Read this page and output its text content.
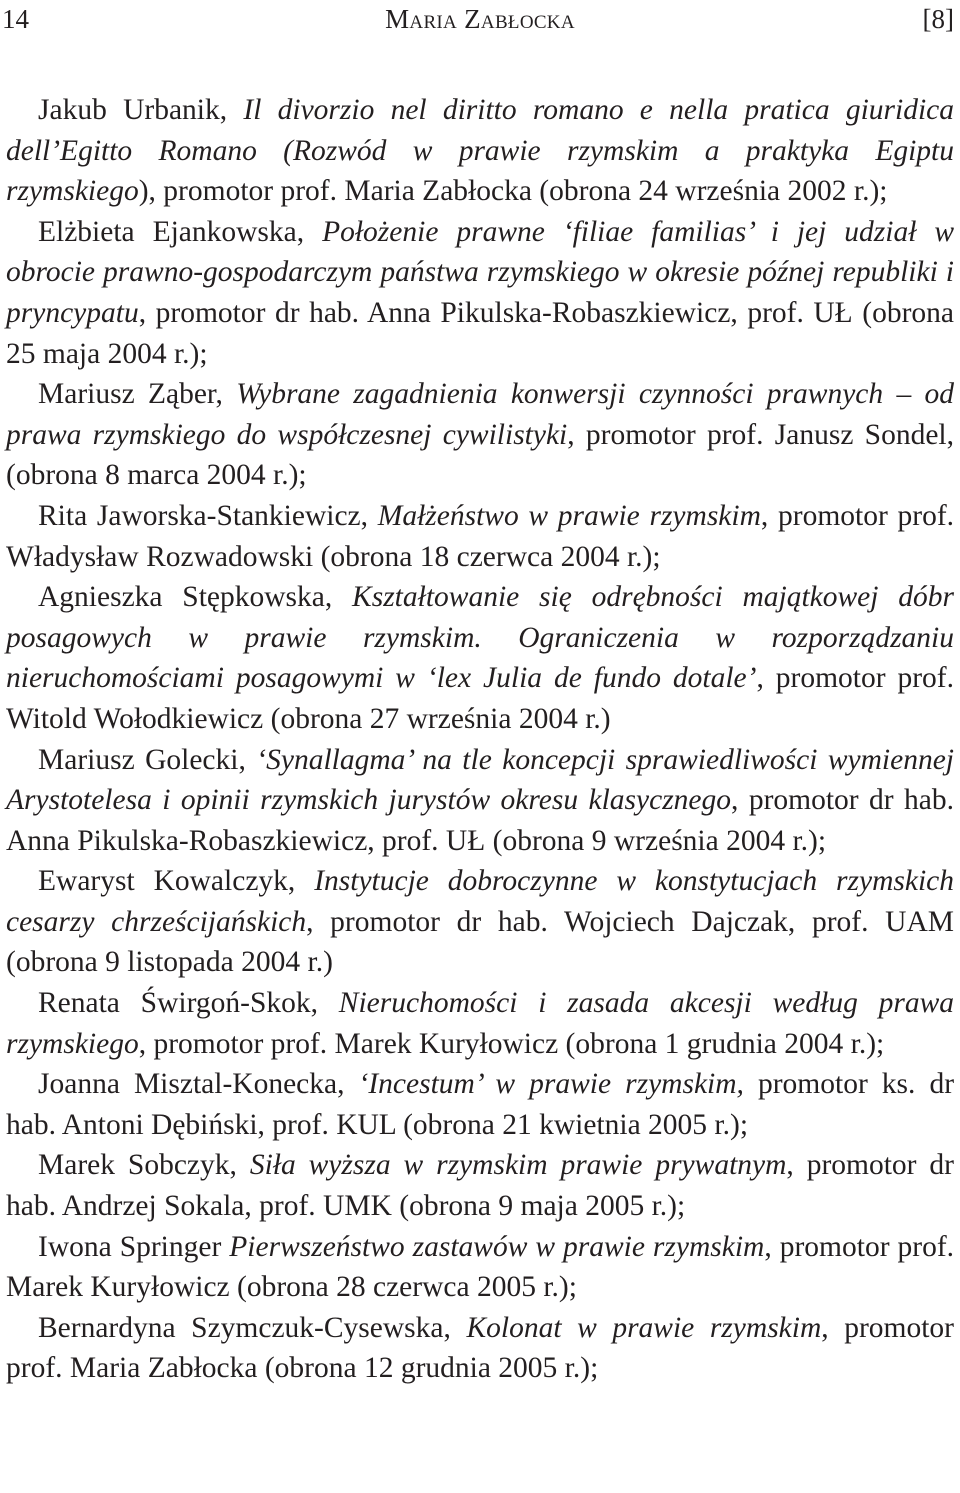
14	Maria Zabłocka	[8]

Jakub Urbanik, Il divorzio nel diritto romano e nella pratica giuridica dell’Egitto Romano (Rozwód w prawie rzymskim a praktyka Egiptu rzymskiego), promotor prof. Maria Zabłocka (obrona 24 września 2002 r.);

Elżbieta Ejankowska, Położenie prawne ‘filiae familias’ i jej udział w obrocie prawno-gospodarczym państwa rzymskiego w okresie późnej republiki i pryncypatu, promotor dr hab. Anna Pikulska-Robaszkiewicz, prof. UŁ (obrona 25 maja 2004 r.);

Mariusz Ząber, Wybrane zagadnienia konwersji czynności prawnych – od prawa rzymskiego do współczesnej cywilistyki, promotor prof. Janusz Sondel, (obrona 8 marca 2004 r.);

Rita Jaworska-Stankiewicz, Małżeństwo w prawie rzymskim, promotor prof. Władysław Rozwadowski (obrona 18 czerwca 2004 r.);

Agnieszka Stępkowska, Kształtowanie się odrębności majątkowej dóbr posagowych w prawie rzymskim. Ograniczenia w rozporządzaniu nieruchomościami posagowymi w ‘lex Julia de fundo dotale’, promotor prof. Witold Wołodkiewicz (obrona 27 września 2004 r.)

Mariusz Golecki, ‘Synallagma’ na tle koncepcji sprawiedliwości wymiennej Arystotelesa i opinii rzymskich jurystów okresu klasycznego, promotor dr hab. Anna Pikulska-Robaszkiewicz, prof. UŁ (obrona 9 września 2004 r.);

Ewaryst Kowalczyk, Instytucje dobroczynne w konstytucjach rzymskich cesarzy chrześcijańskich, promotor dr hab. Wojciech Dajczak, prof. UAM (obrona 9 listopada 2004 r.)

Renata Świrgoń-Skok, Nieruchomości i zasada akcesji według prawa rzymskiego, promotor prof. Marek Kuryłowicz (obrona 1 grudnia 2004 r.);

Joanna Misztal-Konecka, ‘Incestum’ w prawie rzymskim, promotor ks. dr hab. Antoni Dębiński, prof. KUL (obrona 21 kwietnia 2005 r.);

Marek Sobczyk, Siła wyższa w rzymskim prawie prywatnym, promotor dr hab. Andrzej Sokala, prof. UMK (obrona 9 maja 2005 r.);

Iwona Springer Pierwszeństwo zastawów w prawie rzymskim, promotor prof. Marek Kuryłowicz (obrona 28 czerwca 2005 r.);

Bernardyna Szymczuk-Cysewska, Kolonat w prawie rzymskim, promotor prof. Maria Zabłocka (obrona 12 grudnia 2005 r.);
